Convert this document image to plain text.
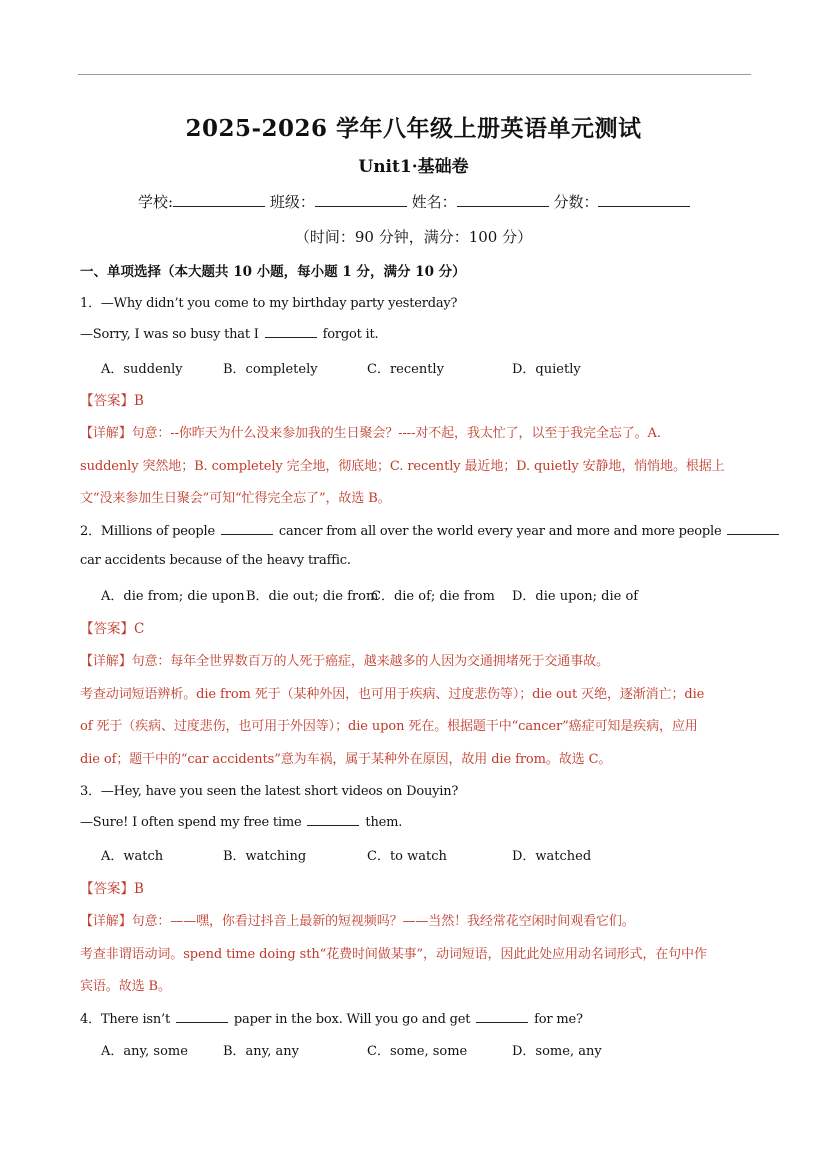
2025-2026 学年八年级上册英语单元测试
Unit1·基础卷
学校:	班级：	姓名：	分数：
（时间：90 分钟，满分：100 分）
一、单项选择（本大题共 10 小题，每小题 1 分，满分 10 分）
1．—Why didn’t you come to my birthday party yesterday?
—Sorry, I was so busy that I	forgot it.
A．suddenly	B．completely	C．recently	D．quietly
【答案】B
【详解】句意：--你昨天为什么没来参加我的生日聚会？----对不起，我太忙了，以至于我完全忘了。A.
suddenly 突然地；B. completely 完全地，彻底地；C. recently 最近地；D. quietly 安静地，悄悄地。根据上
文“没来参加生日聚会”可知“忙得完全忘了”，故选 B。
2．Millions of people	cancer from all over the world every year and more and more people
car accidents because of the heavy traffic.
A．die from; die upon B．die out; die from
C．die of; die from D．die upon; die of
【答案】C
【详解】句意：每年全世界数百万的人死于癌症，越来越多的人因为交通拥堵死于交通事故。
考查动词短语辨析。die from 死于（某种外因，也可用于疾病、过度悲伤等）；die out 灭绝，逐渐消亡；die
of 死于（疾病、过度悲伤，也可用于外因等）；die upon 死在。根据题干中“cancer”癌症可知是疾病，应用
die of；题干中的“car accidents”意为车祸，属于某种外在原因，故用 die from。故选 C。
3．—Hey, have you seen the latest short videos on Douyin?
—Sure! I often spend my free time	them.
A．watch	B．watching	C．to watch	D．watched
【答案】B
【详解】句意：——嘿，你看过抖音上最新的短视频吗？——当然！我经常花空闲时间观看它们。
考查非谓语动词。spend time doing sth“花费时间做某事”，动词短语，因此此处应用动名词形式，在句中作
宾语。故选 B。
4．There isn’t	paper in the box. Will you go and get	for me?
A．any, some	B．any, any	C．some, some	D．some, any
